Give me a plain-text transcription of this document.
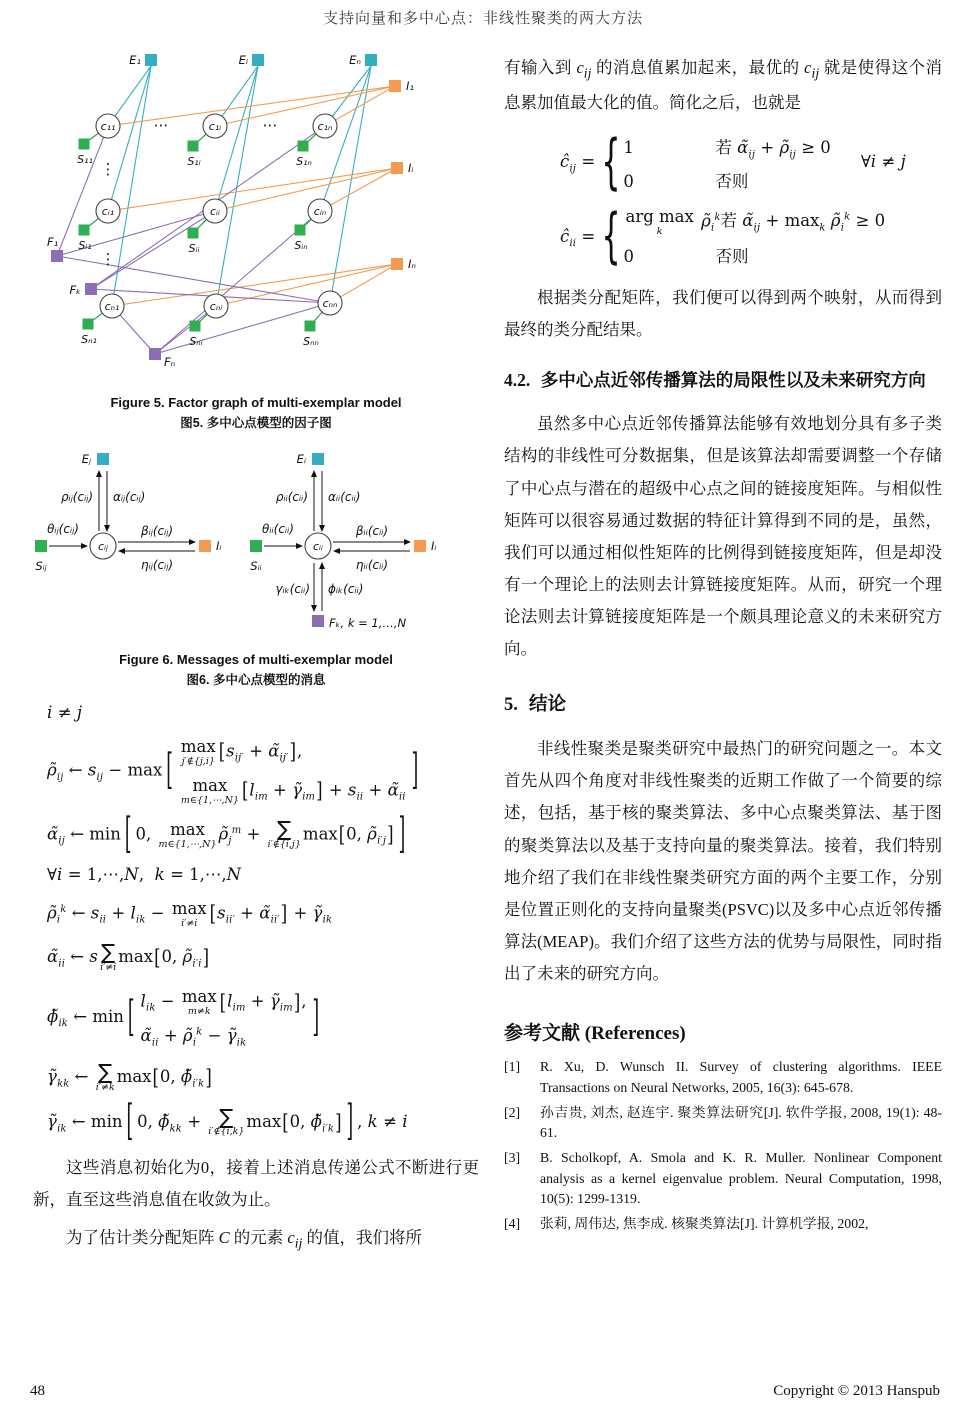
支持向量和多中心点：非线性聚类的两大方法
E₁	Eᵢ	Eₙ
I₁
Iᵢ
Iₙ
c₁₁	c₁ᵢ	c₁ₙ
cᵢ₁	cᵢᵢ	cᵢₙ
cₙ₁	cₙᵢ	cₙₙ
S₁₁	S₁ᵢ	S₁ₙ
Sᵢ₁	Sᵢᵢ	Sᵢₙ
Sₙ₁	Sₙᵢ	Sₙₙ
F₁
Fₖ
Fₙ
⋯	⋯
⋮
⋮
Figure 5. Factor graph of multi-exemplar model
图5. 多中心点模型的因子图
Eⱼ
ρᵢⱼ(cᵢⱼ) αᵢⱼ(cᵢⱼ)
θᵢⱼ(cᵢⱼ)
cᵢⱼ
Sᵢⱼ
βᵢⱼ(cᵢⱼ)
ηᵢⱼ(cᵢⱼ)
Iᵢ
Eᵢ
ρᵢᵢ(cᵢᵢ) αᵢᵢ(cᵢᵢ)
θᵢᵢ(cᵢᵢ)
cᵢᵢ
Sᵢᵢ
βᵢᵢ(cᵢᵢ)
ηᵢᵢ(cᵢᵢ)
Iᵢ
γᵢₖ(cᵢᵢ) ϕᵢₖ(cᵢᵢ)
Fₖ, k = 1,…,N
Figure 6. Messages of multi-exemplar model
图6. 多中心点模型的消息
i ≠ j
$\rhõ_{ij}$ ← $s_{ij} - \max$ [ max
j′∉{j,i} [$s_{ij'}$ + $\alphã_{ij'}$],
max
m∈{1,⋯,N} [$l_{im}$ + $\gammã_{im}] + s_{ii}$ + $\alphã_{ii}$
]
$\alphã_{ij}$ ← min [ 0, max
m∈{1,⋯,N}
$\rhõ_j^m$ + ∑
i′∉{i,j}
max[0, $\rhõ_{i'j}$] ]
∀i = 1,⋯,N,  k = 1,⋯,N
$\rhõ_i^k$ ← $s_{ii} + l_{ik} - \max$
i′≠i [$s_{ii'}$ + $\alphã_{ii'}$] + $\gammã_{ik}$
$\alphã_{ii}$ ← s ∑
i′≠i
max[0, $\rhõ_{i'i}$]
$\phĩ_{ik}$ ← min [ $l_{ik} - \max$
m≠k [$l_{im}$ + $\gammã_{im}$],
$\alphã_{ii}$ + $\rhõ_i^k$ − $\gammã_{ik}$	]
$\gammã_{kk}$ ← ∑
i′≠k
max[0, $\phĩ_{i'k}$]
$\gammã_{ik}$ ← min [ 0, $\phĩ_{kk}$ + ∑
i′∉{i,k}
max[0, $\phĩ_{i'k}$] ] , k ≠ i

这些消息初始化为0，接着上述消息传递公式不断进行更新，直至这些消息值在收敛为止。

为了估计类分配矩阵 C 的元素 $c_{ij}$ 的值，我们将所

有输入到 $c_{ij}$ 的消息值累加起来，最优的 $c_{ij}$ 就是使得这个消息累加值最大化的值。简化之后，也就是

$ĉ_{ij}$ =
{ 1	若 $\alphã_{ij}$ + $\rhõ_{ij} \ge 0$
0	否则
∀i ≠ j
$ĉ_{ii}$ =
{ arg max
k
$\rhõ_i^k$ 若 $\alphã_{ij} + \max_k$ $\rhõ_i^k \ge 0$
0	否则

根据类分配矩阵，我们便可以得到两个映射，从而得到最终的类分配结果。

4.2. 多中心点近邻传播算法的局限性以及未来研究方向

虽然多中心点近邻传播算法能够有效地划分具有多子类结构的非线性可分数据集，但是该算法却需要调整一个存储了中心点与潜在的超级中心点之间的链接度矩阵。与相似性矩阵可以很容易通过数据的特征计算得到不同的是，虽然，我们可以通过相似性矩阵的比例得到链接度矩阵，但是却没有一个理论上的法则去计算链接度矩阵。从而，研究一个理论法则去计算链接度矩阵是一个颇具理论意义的未来研究方向。

5. 结论

非线性聚类是聚类研究中最热门的研究问题之一。本文首先从四个角度对非线性聚类的近期工作做了一个简要的综述，包括，基于核的聚类算法、多中心点聚类算法、基于图的聚类算法以及基于支持向量的聚类算法。接着，我们特别地介绍了我们在非线性聚类研究方面的两个主要工作，分别是位置正则化的支持向量聚类(PSVC)以及多中心点近邻传播算法(MEAP)。我们介绍了这些方法的优势与局限性，同时指出了未来的研究方向。

参考文献 (References)
[1]	R. Xu, D. Wunsch II. Survey of clustering algorithms. IEEE Transactions on Neural Networks, 2005, 16(3): 645-678.
[2]	孙吉贵, 刘杰, 赵连宇. 聚类算法研究[J]. 软件学报, 2008, 19(1): 48-61.
[3]	B. Scholkopf, A. Smola and K. R. Muller. Nonlinear Component analysis as a kernel eigenvalue problem. Neural Computation, 1998, 10(5): 1299-1319.
[4]	张莉, 周伟达, 焦李成. 核聚类算法[J]. 计算机学报, 2002,
48	Copyright © 2013 Hanspub
